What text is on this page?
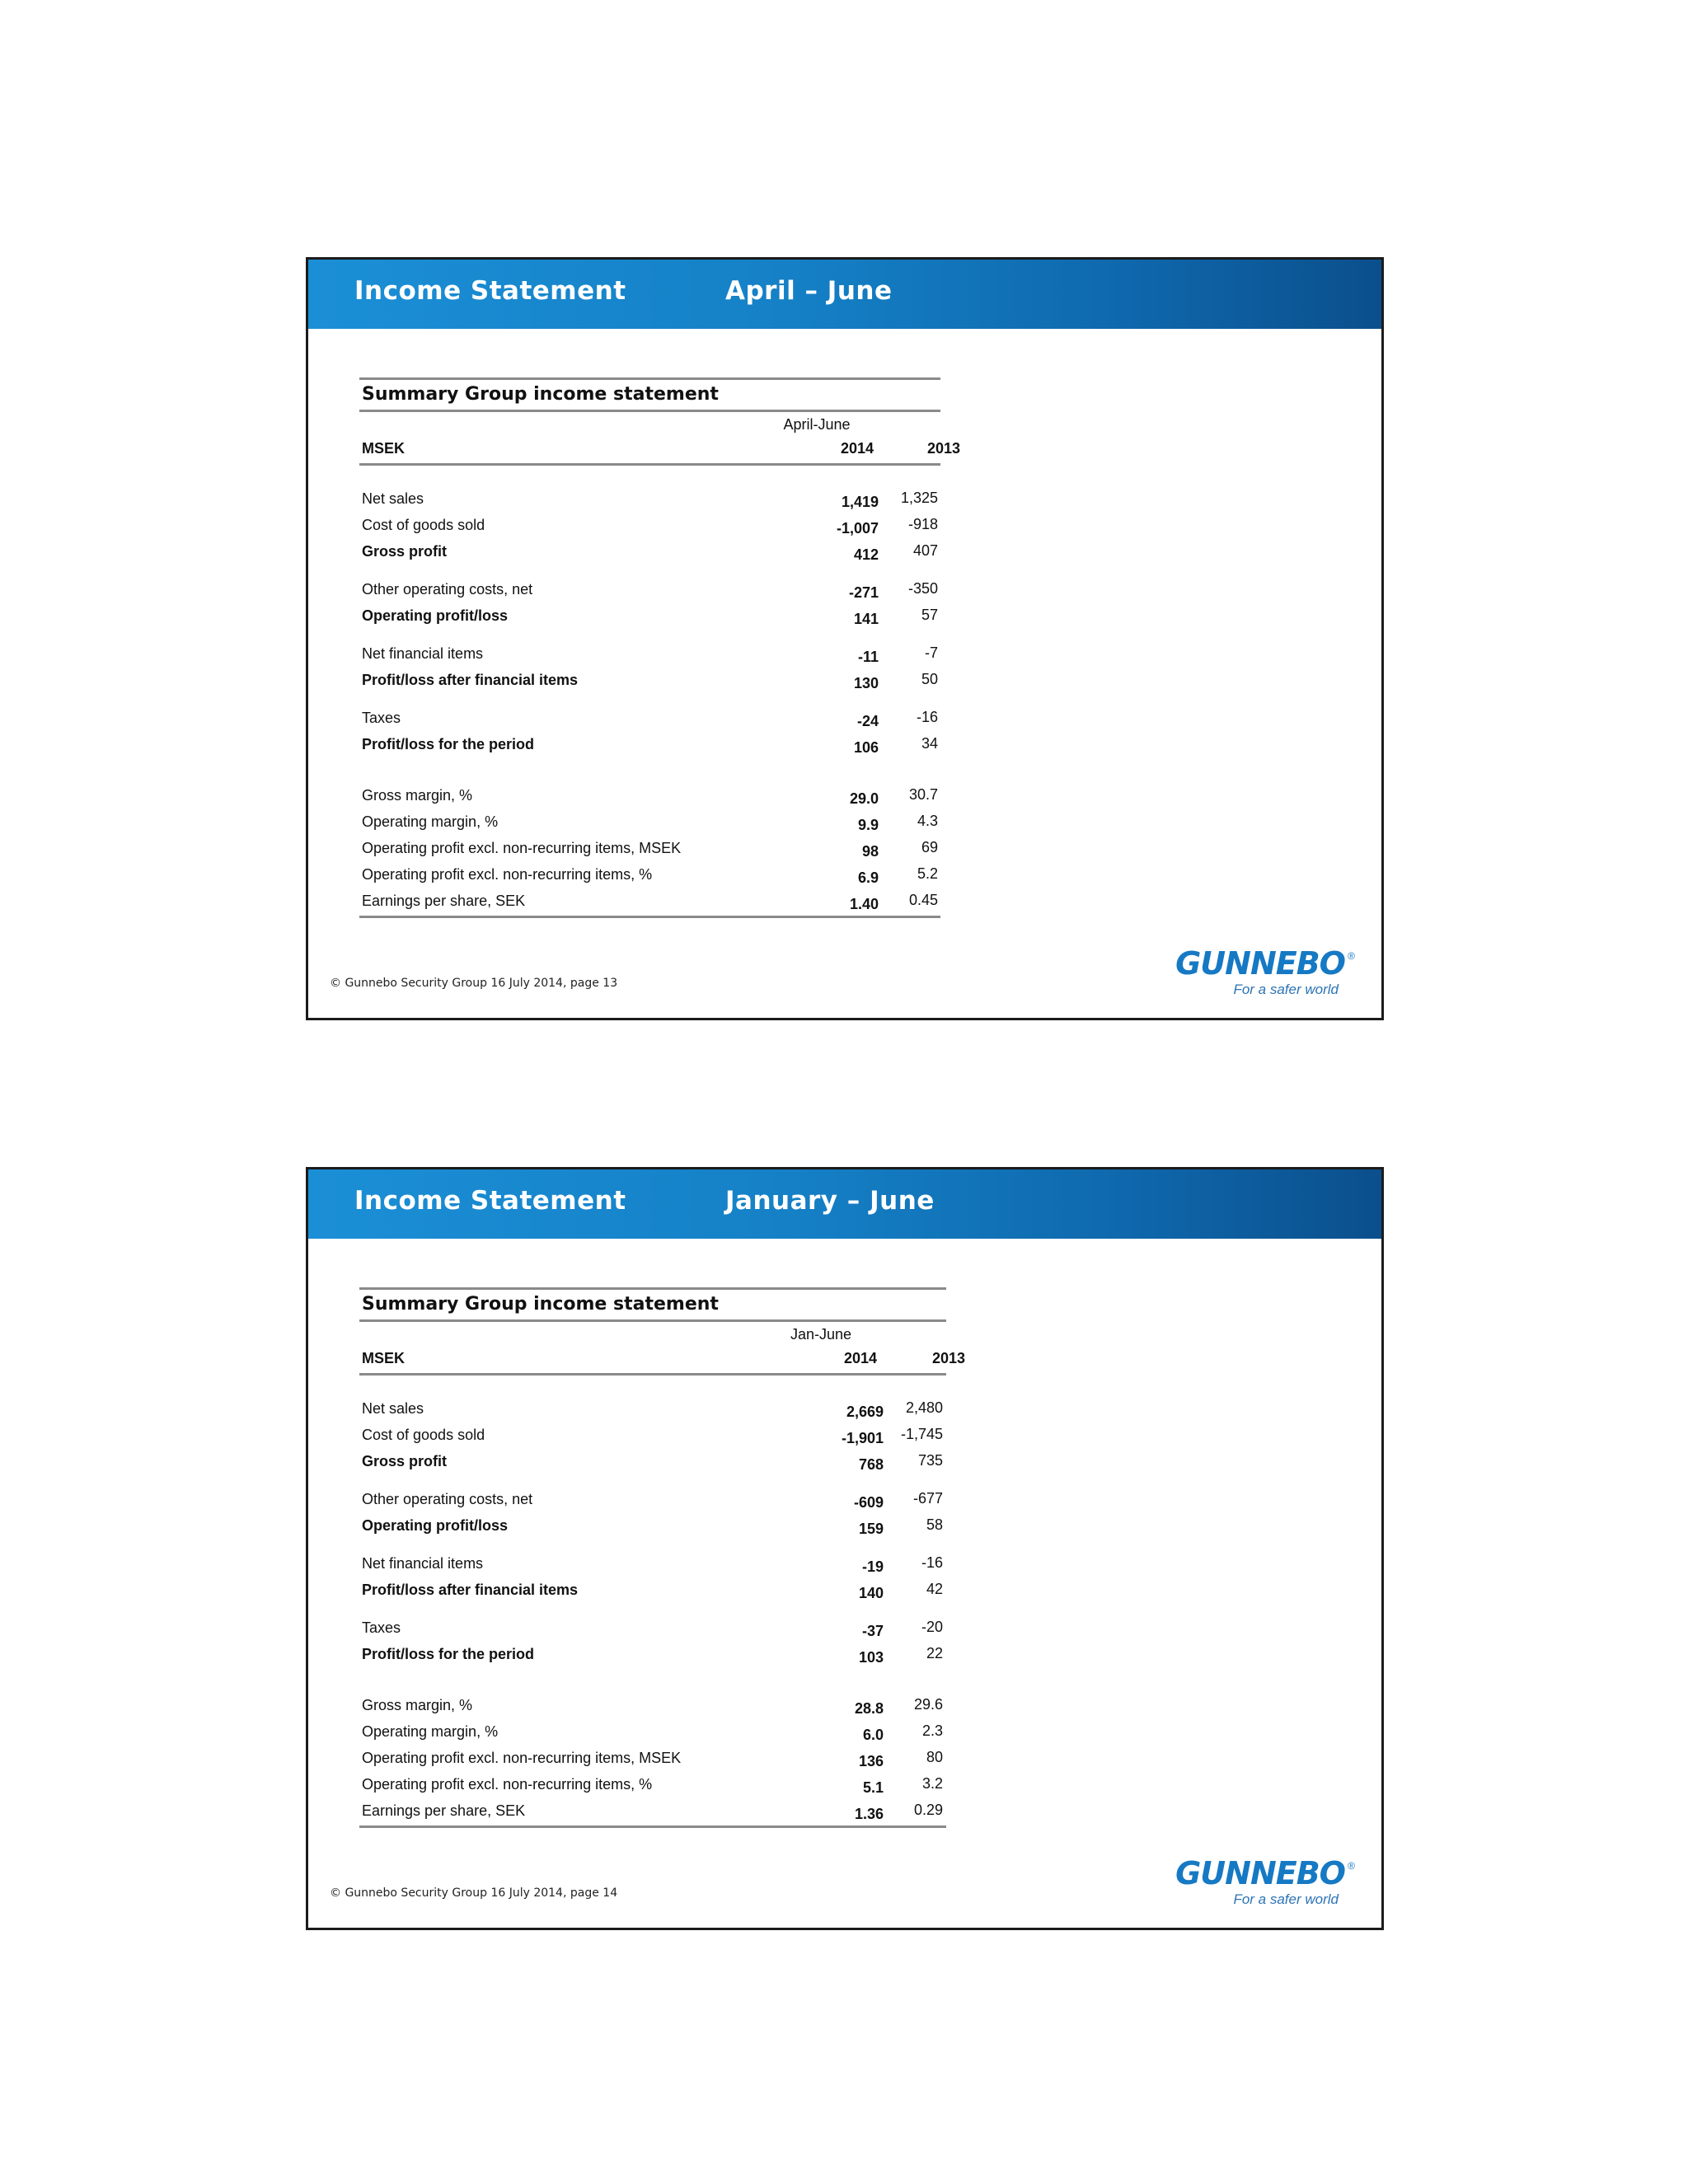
Income Statement	April – June
Summary Group income statement
April-June
MSEK	2014	2013
Net sales	1,419	1,325
Cost of goods sold	-1,007	-918
Gross profit	412	407
Other operating costs, net	-271	-350
Operating profit/loss	141	57
Net financial items	-11	-7
Profit/loss after financial items	130	50
Taxes	-24	-16
Profit/loss for the period	106	34
Gross margin, %	29.0	30.7
Operating margin, %	9.9	4.3
Operating profit excl. non-recurring items, MSEK	98	69
Operating profit excl. non-recurring items, %	6.9	5.2
Earnings per share, SEK	1.40	0.45
© Gunnebo Security Group 16 July 2014, page 13
GUNNEBO ®
For a safer world
Income Statement	January – June
Summary Group income statement
Jan-June
MSEK	2014	2013
Net sales	2,669	2,480
Cost of goods sold	-1,901	-1,745
Gross profit	768	735
Other operating costs, net	-609	-677
Operating profit/loss	159	58
Net financial items	-19	-16
Profit/loss after financial items	140	42
Taxes	-37	-20
Profit/loss for the period	103	22
Gross margin, %	28.8	29.6
Operating margin, %	6.0	2.3
Operating profit excl. non-recurring items, MSEK	136	80
Operating profit excl. non-recurring items, %	5.1	3.2
Earnings per share, SEK	1.36	0.29
© Gunnebo Security Group 16 July 2014, page 14
GUNNEBO ®
For a safer world
